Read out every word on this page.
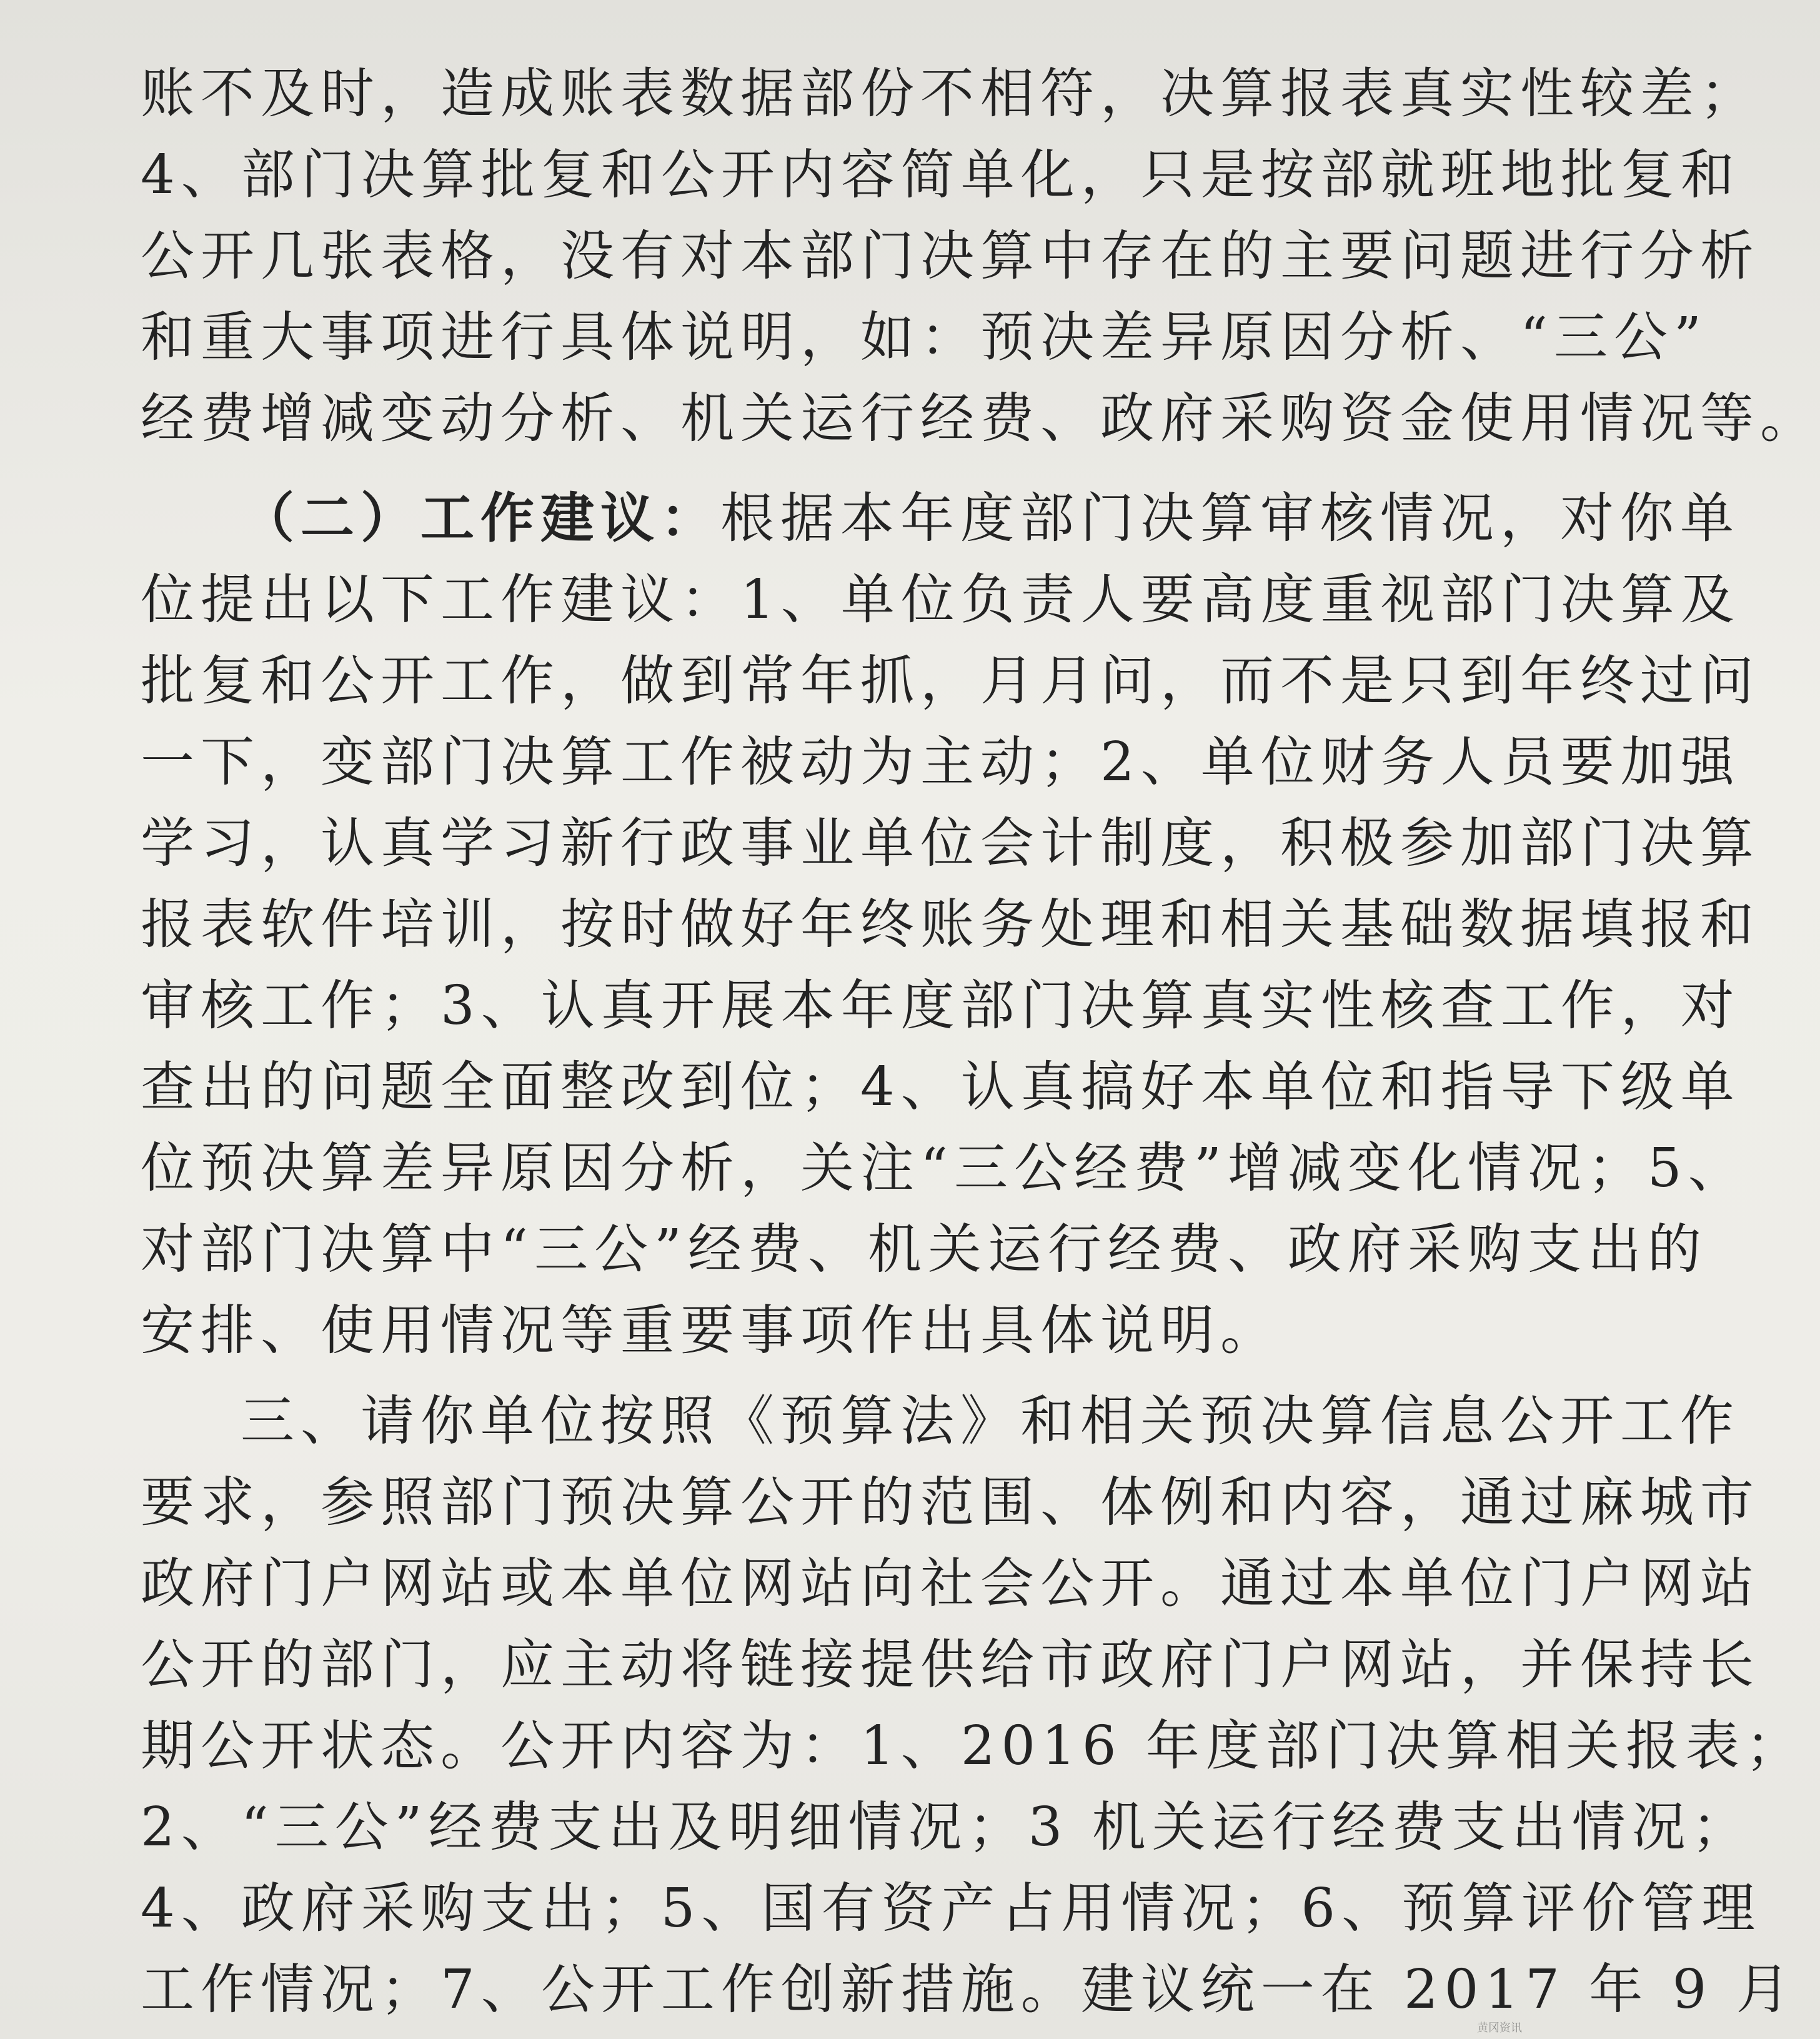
账不及时，造成账表数据部份不相符，决算报表真实性较差；
4、部门决算批复和公开内容简单化，只是按部就班地批复和
公开几张表格，没有对本部门决算中存在的主要问题进行分析
和重大事项进行具体说明，如：预决差异原因分析、“三公”
经费增减变动分析、机关运行经费、政府采购资金使用情况等。
（二）工作建议：根据本年度部门决算审核情况，对你单
位提出以下工作建议：1、单位负责人要高度重视部门决算及
批复和公开工作，做到常年抓，月月问，而不是只到年终过问
一下，变部门决算工作被动为主动；2、单位财务人员要加强
学习，认真学习新行政事业单位会计制度，积极参加部门决算
报表软件培训，按时做好年终账务处理和相关基础数据填报和
审核工作；3、认真开展本年度部门决算真实性核查工作，对
查出的问题全面整改到位；4、认真搞好本单位和指导下级单
位预决算差异原因分析，关注“三公经费”增减变化情况；5、
对部门决算中“三公”经费、机关运行经费、政府采购支出的
安排、使用情况等重要事项作出具体说明。
三、请你单位按照《预算法》和相关预决算信息公开工作
要求，参照部门预决算公开的范围、体例和内容，通过麻城市
政府门户网站或本单位网站向社会公开。通过本单位门户网站
公开的部门，应主动将链接提供给市政府门户网站，并保持长
期公开状态。公开内容为：1、2016 年度部门决算相关报表；
2、“三公”经费支出及明细情况；3 机关运行经费支出情况；
4、政府采购支出；5、国有资产占用情况；6、预算评价管理
工作情况；7、公开工作创新措施。建议统一在 2017 年 9 月
黄冈资讯
